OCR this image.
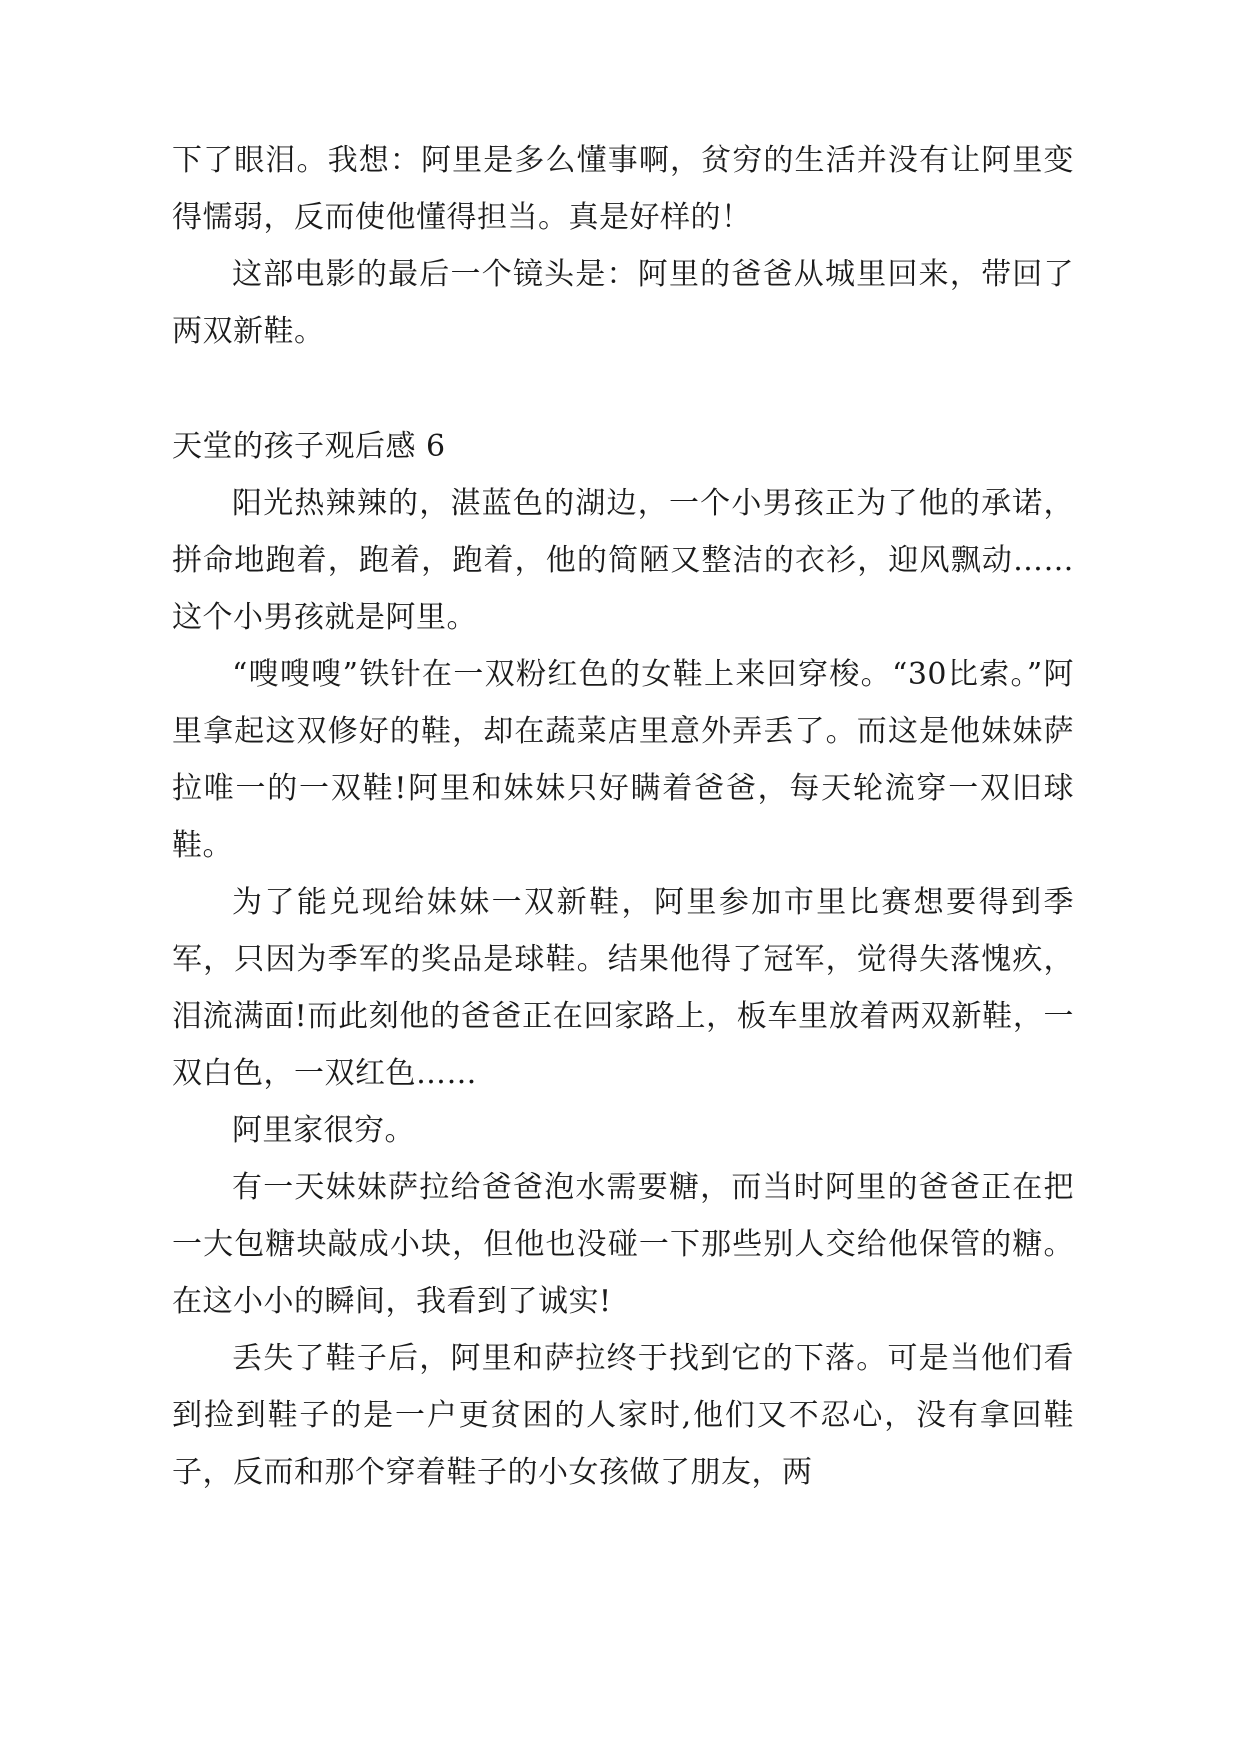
下了眼泪。我想：阿里是多么懂事啊，贫穷的生活并没有让阿里变得懦弱，反而使他懂得担当。真是好样的！

这部电影的最后一个镜头是：阿里的爸爸从城里回来，带回了两双新鞋。

天堂的孩子观后感 6

阳光热辣辣的，湛蓝色的湖边，一个小男孩正为了他的承诺，拼命地跑着，跑着，跑着，他的简陋又整洁的衣衫，迎风飘动……这个小男孩就是阿里。

“嗖嗖嗖”铁针在一双粉红色的女鞋上来回穿梭。“30比索。”阿里拿起这双修好的鞋，却在蔬菜店里意外弄丢了。而这是他妹妹萨拉唯一的一双鞋!阿里和妹妹只好瞒着爸爸，每天轮流穿一双旧球鞋。

为了能兑现给妹妹一双新鞋，阿里参加市里比赛想要得到季军，只因为季军的奖品是球鞋。结果他得了冠军，觉得失落愧疚，泪流满面!而此刻他的爸爸正在回家路上，板车里放着两双新鞋，一双白色，一双红色……

阿里家很穷。

有一天妹妹萨拉给爸爸泡水需要糖，而当时阿里的爸爸正在把一大包糖块敲成小块，但他也没碰一下那些别人交给他保管的糖。在这小小的瞬间，我看到了诚实!

丢失了鞋子后，阿里和萨拉终于找到它的下落。可是当他们看到捡到鞋子的是一户更贫困的人家时,他们又不忍心，没有拿回鞋子，反而和那个穿着鞋子的小女孩做了朋友，两
